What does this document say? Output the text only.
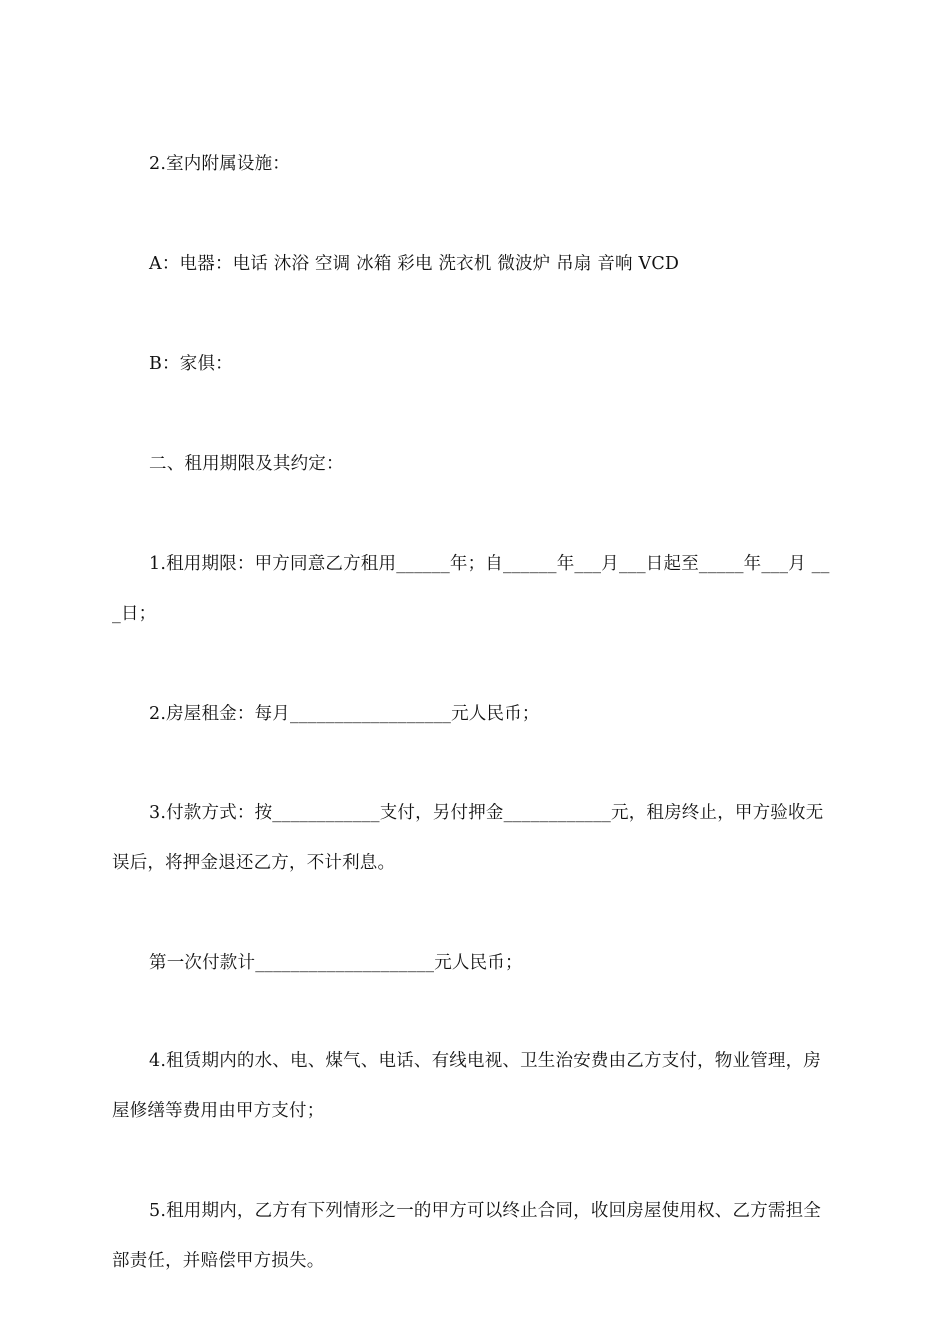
2.室内附属设施：

A：电器：电话 沐浴 空调 冰箱 彩电 洗衣机 微波炉 吊扇 音响 VCD

B：家俱：

二、租用期限及其约定：

1.租用期限：甲方同意乙方租用______年；自______年___月___日起至_____年___月 ___日；

2.房屋租金：每月__________________元人民币；

3.付款方式：按____________支付，另付押金____________元，租房终止，甲方验收无误后，将押金退还乙方，不计利息。

第一次付款计____________________元人民币；

4.租赁期内的水、电、煤气、电话、有线电视、卫生治安费由乙方支付，物业管理，房屋修缮等费用由甲方支付；

5.租用期内，乙方有下列情形之一的甲方可以终止合同，收回房屋使用权、乙方需担全部责任，并赔偿甲方损失。
